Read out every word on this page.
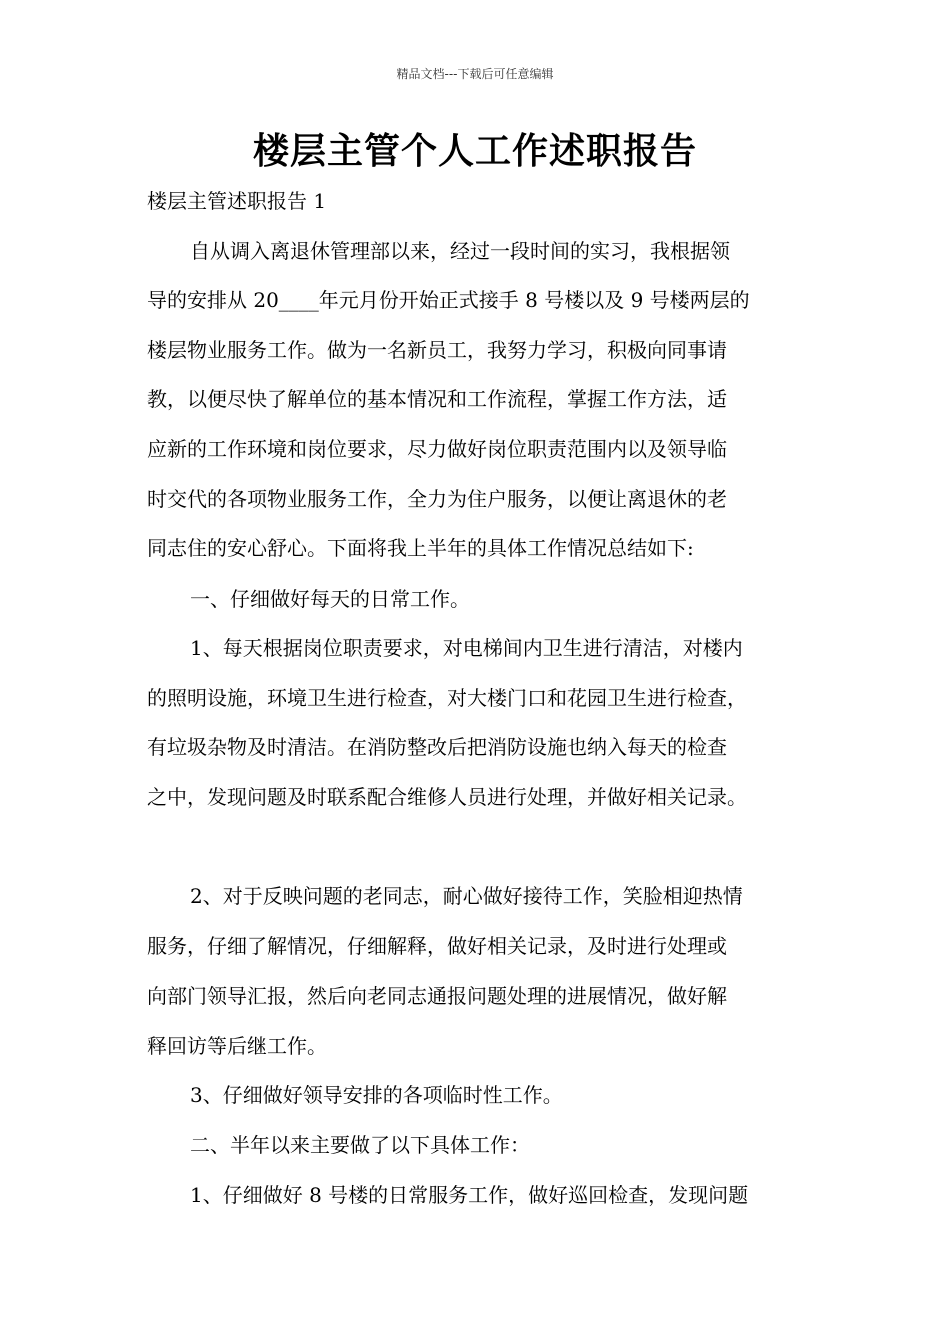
精品文档---下载后可任意编辑
楼层主管个人工作述职报告
楼层主管述职报告 1
自从调入离退休管理部以来，经过一段时间的实习，我根据领
导的安排从 20____年元月份开始正式接手 8 号楼以及 9 号楼两层的
楼层物业服务工作。做为一名新员工，我努力学习，积极向同事请
教，以便尽快了解单位的基本情况和工作流程，掌握工作方法，适
应新的工作环境和岗位要求，尽力做好岗位职责范围内以及领导临
时交代的各项物业服务工作，全力为住户服务，以便让离退休的老
同志住的安心舒心。下面将我上半年的具体工作情况总结如下:
一、仔细做好每天的日常工作。
1、每天根据岗位职责要求，对电梯间内卫生进行清洁，对楼内
的照明设施，环境卫生进行检查，对大楼门口和花园卫生进行检查，
有垃圾杂物及时清洁。在消防整改后把消防设施也纳入每天的检查
之中，发现问题及时联系配合维修人员进行处理，并做好相关记录。
2、对于反映问题的老同志，耐心做好接待工作，笑脸相迎热情
服务，仔细了解情况，仔细解释，做好相关记录，及时进行处理或
向部门领导汇报，然后向老同志通报问题处理的进展情况，做好解
释回访等后继工作。
3、仔细做好领导安排的各项临时性工作。
二、半年以来主要做了以下具体工作：
1、仔细做好 8 号楼的日常服务工作，做好巡回检查，发现问题
